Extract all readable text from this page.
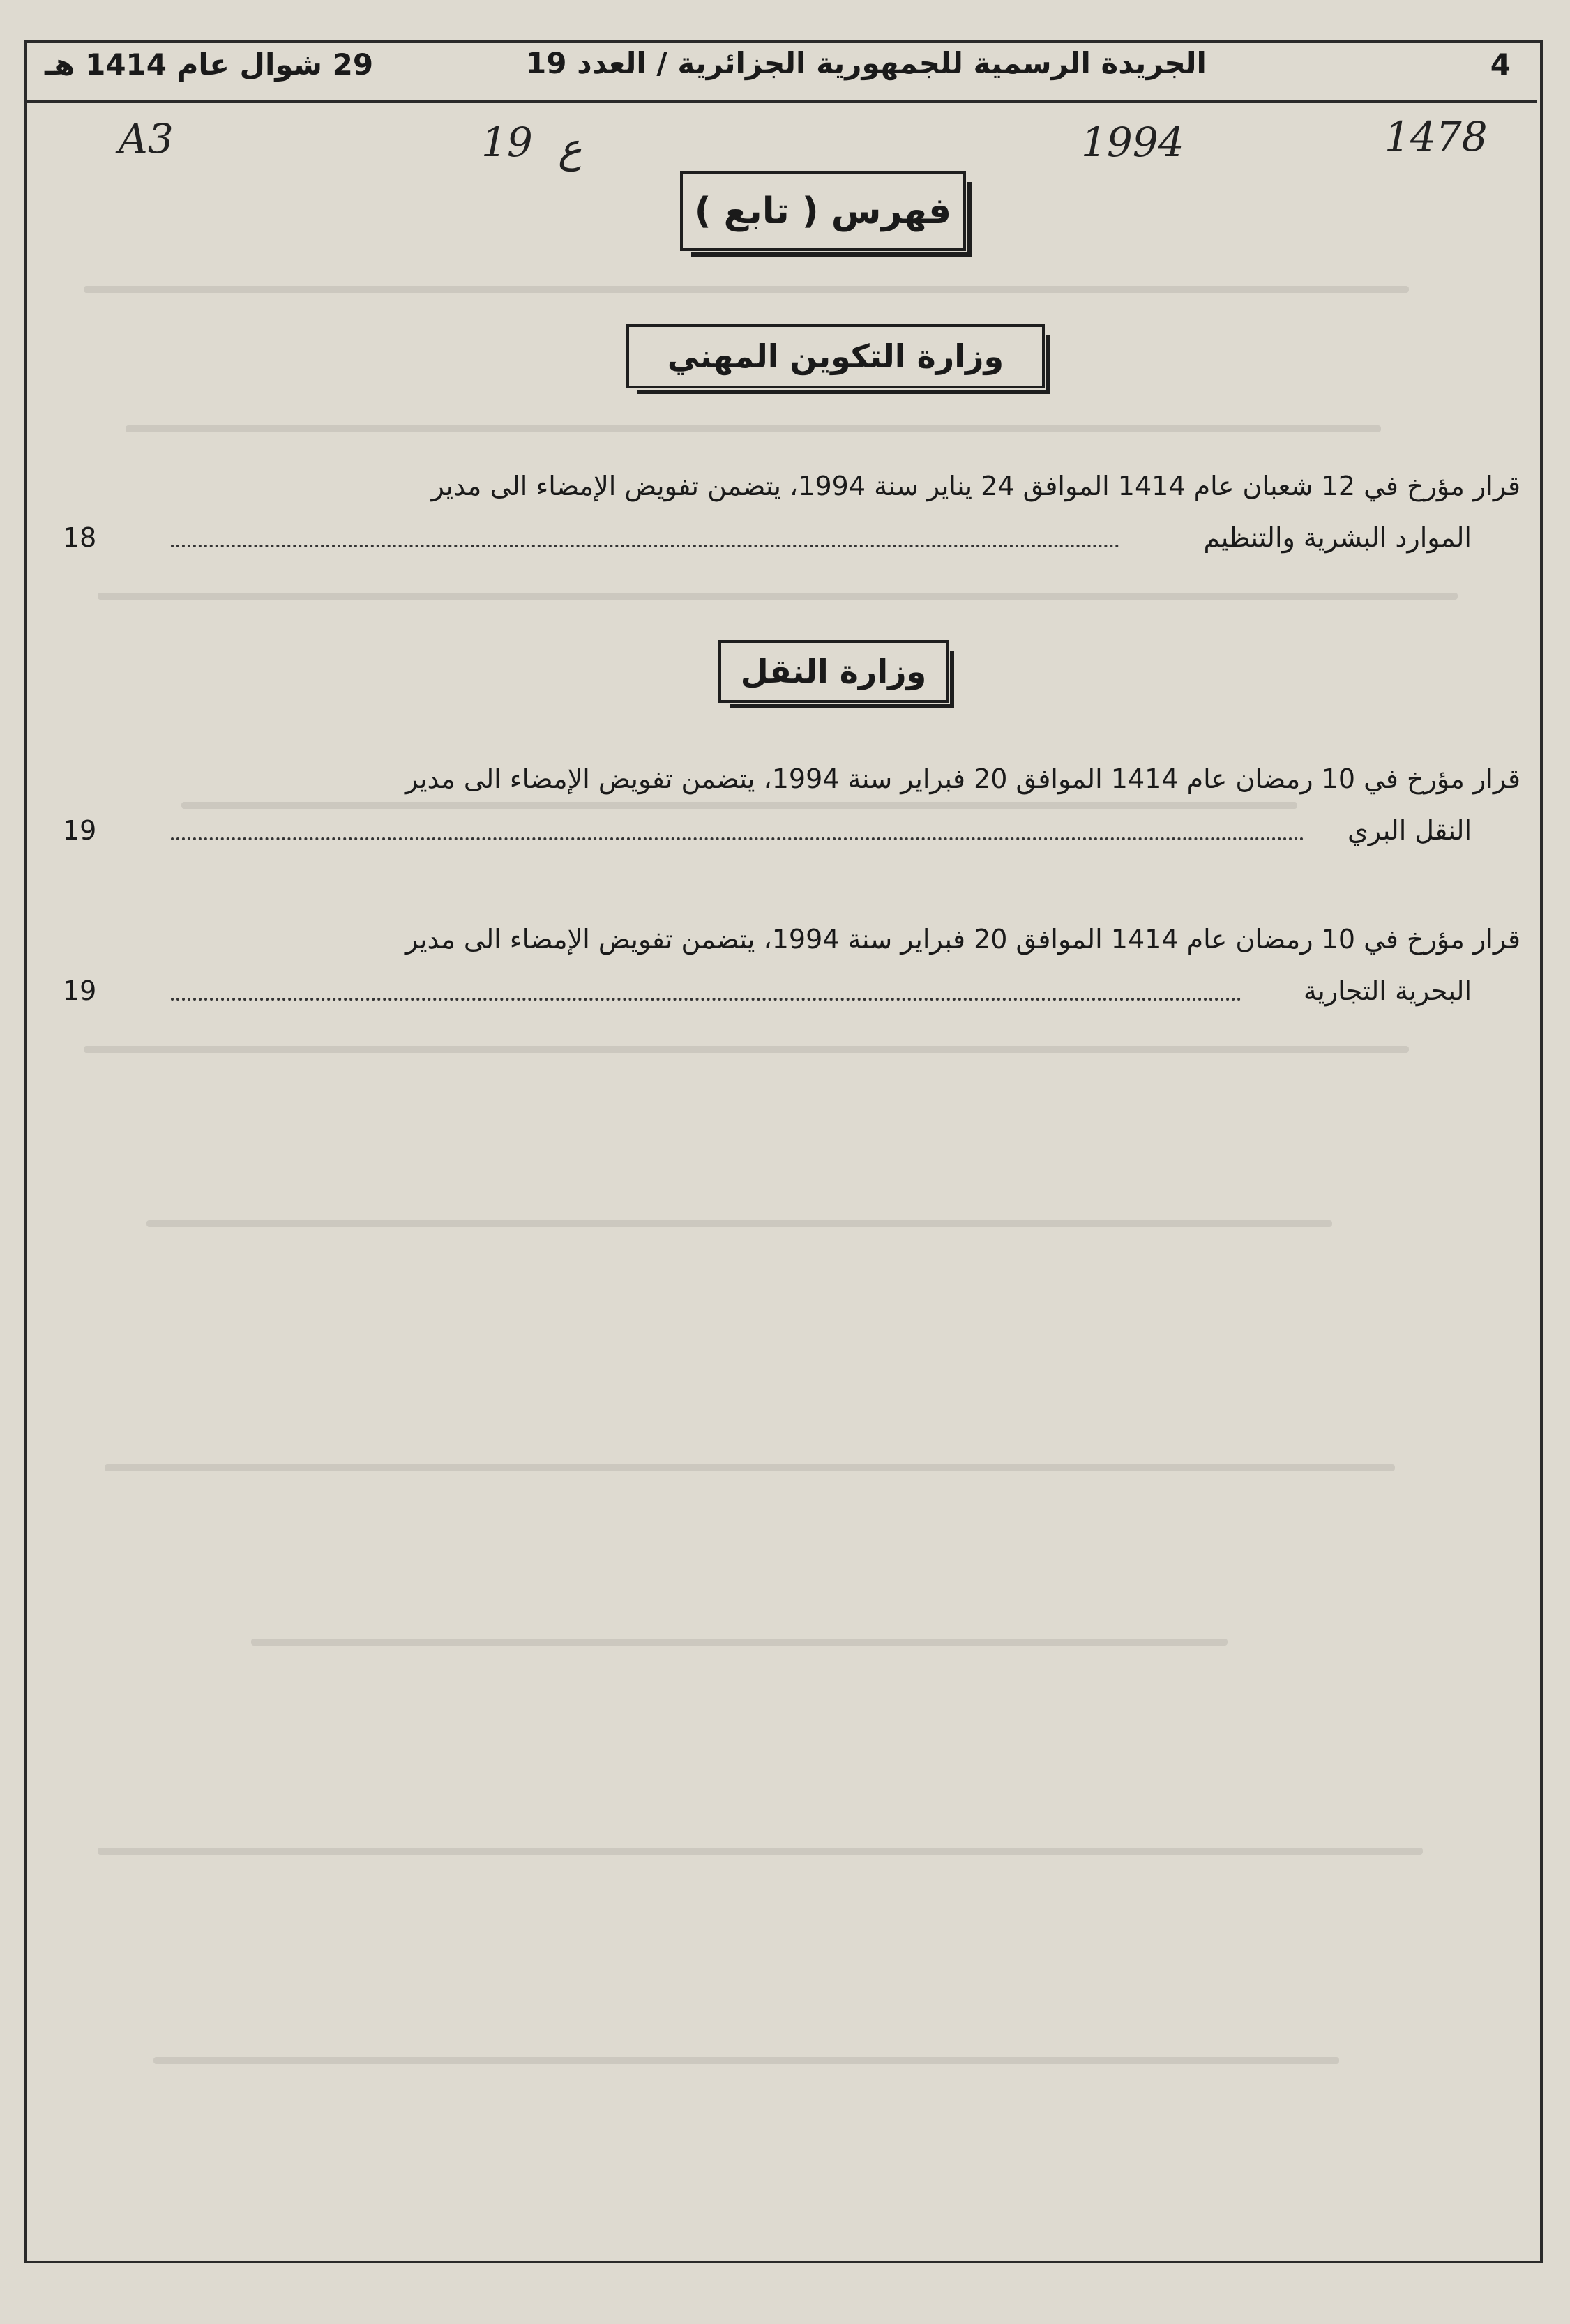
4
الجريدة الرسمية للجمهورية الجزائرية / العدد 19
29 شوال عام 1414 هـ
A3	19 ع	1994	1478
فهرس ( تابع )
وزارة التكوين المهني
قرار مؤرخ في 12 شعبان عام 1414 الموافق 24 يناير سنة 1994، يتضمن تفويض الإمضاء الى مدير
الموارد البشرية والتنظيم
18
وزارة النقل
قرار مؤرخ في 10 رمضان عام 1414 الموافق 20 فبراير سنة 1994، يتضمن تفويض الإمضاء الى مدير
النقل البري
19
قرار مؤرخ في 10 رمضان عام 1414 الموافق 20 فبراير سنة 1994، يتضمن تفويض الإمضاء الى مدير
البحرية التجارية
19
